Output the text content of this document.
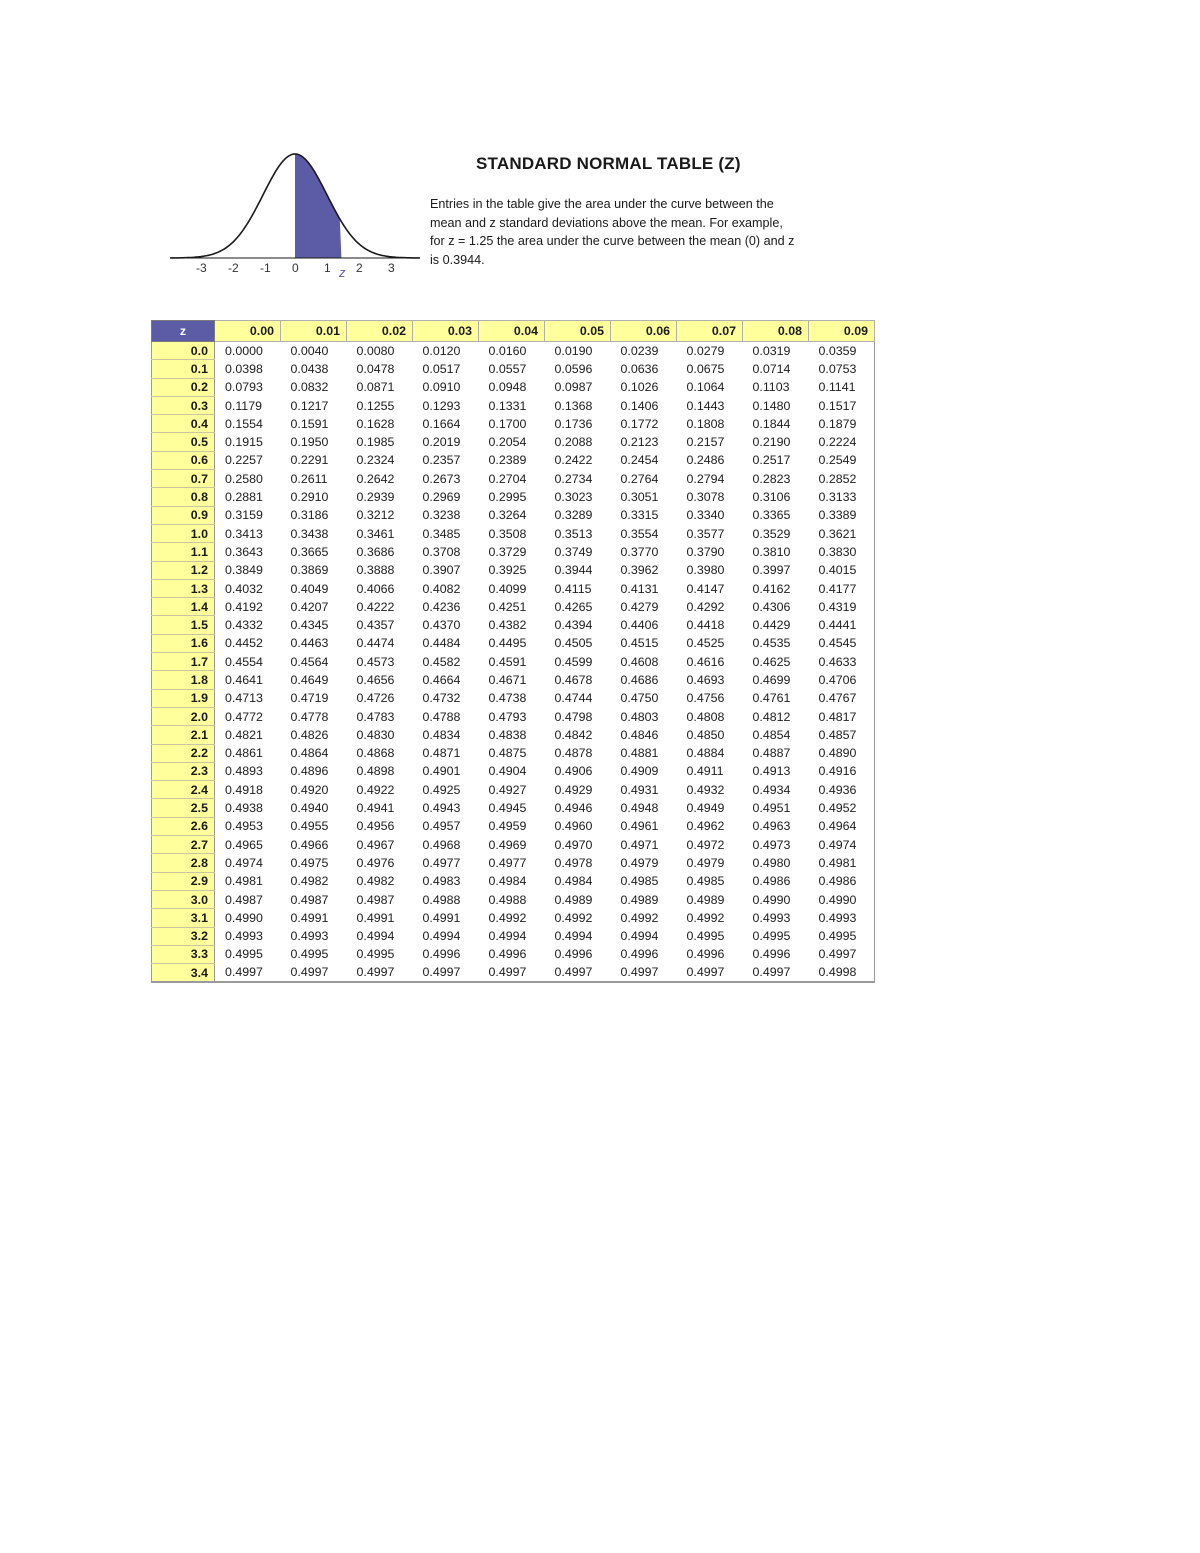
-3 -2 -1 0 1 2 3
z
STANDARD NORMAL TABLE (Z)
Entries in the table give the area under the curve between the mean and z standard deviations above the mean. For example, for z = 1.25 the area under the curve between the mean (0) and z is 0.3944.
z	0.00	0.01	0.02	0.03	0.04	0.05	0.06	0.07	0.08	0.09
0.0	0.0000	0.0040	0.0080	0.0120	0.0160	0.0190	0.0239	0.0279	0.0319	0.0359
0.1	0.0398	0.0438	0.0478	0.0517	0.0557	0.0596	0.0636	0.0675	0.0714	0.0753
0.2	0.0793	0.0832	0.0871	0.0910	0.0948	0.0987	0.1026	0.1064	0.1103	0.1141
0.3	0.1179	0.1217	0.1255	0.1293	0.1331	0.1368	0.1406	0.1443	0.1480	0.1517
0.4	0.1554	0.1591	0.1628	0.1664	0.1700	0.1736	0.1772	0.1808	0.1844	0.1879
0.5	0.1915	0.1950	0.1985	0.2019	0.2054	0.2088	0.2123	0.2157	0.2190	0.2224
0.6	0.2257	0.2291	0.2324	0.2357	0.2389	0.2422	0.2454	0.2486	0.2517	0.2549
0.7	0.2580	0.2611	0.2642	0.2673	0.2704	0.2734	0.2764	0.2794	0.2823	0.2852
0.8	0.2881	0.2910	0.2939	0.2969	0.2995	0.3023	0.3051	0.3078	0.3106	0.3133
0.9	0.3159	0.3186	0.3212	0.3238	0.3264	0.3289	0.3315	0.3340	0.3365	0.3389
1.0	0.3413	0.3438	0.3461	0.3485	0.3508	0.3513	0.3554	0.3577	0.3529	0.3621
1.1	0.3643	0.3665	0.3686	0.3708	0.3729	0.3749	0.3770	0.3790	0.3810	0.3830
1.2	0.3849	0.3869	0.3888	0.3907	0.3925	0.3944	0.3962	0.3980	0.3997	0.4015
1.3	0.4032	0.4049	0.4066	0.4082	0.4099	0.4115	0.4131	0.4147	0.4162	0.4177
1.4	0.4192	0.4207	0.4222	0.4236	0.4251	0.4265	0.4279	0.4292	0.4306	0.4319
1.5	0.4332	0.4345	0.4357	0.4370	0.4382	0.4394	0.4406	0.4418	0.4429	0.4441
1.6	0.4452	0.4463	0.4474	0.4484	0.4495	0.4505	0.4515	0.4525	0.4535	0.4545
1.7	0.4554	0.4564	0.4573	0.4582	0.4591	0.4599	0.4608	0.4616	0.4625	0.4633
1.8	0.4641	0.4649	0.4656	0.4664	0.4671	0.4678	0.4686	0.4693	0.4699	0.4706
1.9	0.4713	0.4719	0.4726	0.4732	0.4738	0.4744	0.4750	0.4756	0.4761	0.4767
2.0	0.4772	0.4778	0.4783	0.4788	0.4793	0.4798	0.4803	0.4808	0.4812	0.4817
2.1	0.4821	0.4826	0.4830	0.4834	0.4838	0.4842	0.4846	0.4850	0.4854	0.4857
2.2	0.4861	0.4864	0.4868	0.4871	0.4875	0.4878	0.4881	0.4884	0.4887	0.4890
2.3	0.4893	0.4896	0.4898	0.4901	0.4904	0.4906	0.4909	0.4911	0.4913	0.4916
2.4	0.4918	0.4920	0.4922	0.4925	0.4927	0.4929	0.4931	0.4932	0.4934	0.4936
2.5	0.4938	0.4940	0.4941	0.4943	0.4945	0.4946	0.4948	0.4949	0.4951	0.4952
2.6	0.4953	0.4955	0.4956	0.4957	0.4959	0.4960	0.4961	0.4962	0.4963	0.4964
2.7	0.4965	0.4966	0.4967	0.4968	0.4969	0.4970	0.4971	0.4972	0.4973	0.4974
2.8	0.4974	0.4975	0.4976	0.4977	0.4977	0.4978	0.4979	0.4979	0.4980	0.4981
2.9	0.4981	0.4982	0.4982	0.4983	0.4984	0.4984	0.4985	0.4985	0.4986	0.4986
3.0	0.4987	0.4987	0.4987	0.4988	0.4988	0.4989	0.4989	0.4989	0.4990	0.4990
3.1	0.4990	0.4991	0.4991	0.4991	0.4992	0.4992	0.4992	0.4992	0.4993	0.4993
3.2	0.4993	0.4993	0.4994	0.4994	0.4994	0.4994	0.4994	0.4995	0.4995	0.4995
3.3	0.4995	0.4995	0.4995	0.4996	0.4996	0.4996	0.4996	0.4996	0.4996	0.4997
3.4	0.4997	0.4997	0.4997	0.4997	0.4997	0.4997	0.4997	0.4997	0.4997	0.4998
